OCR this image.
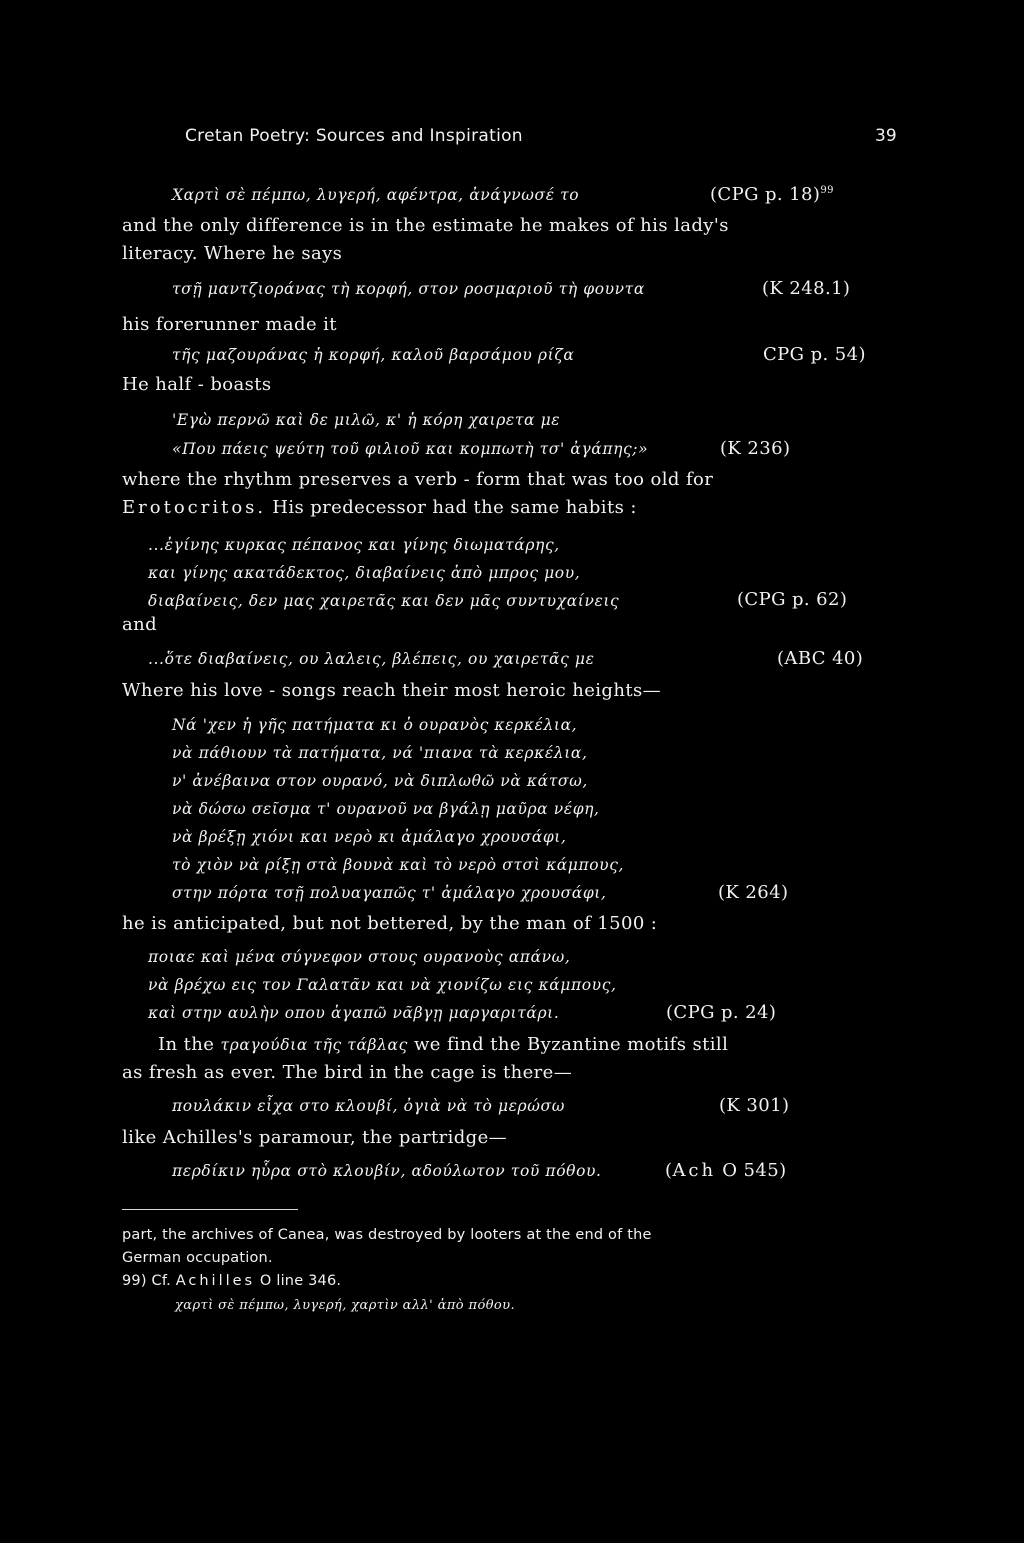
Cretan Poetry: Sources and Inspiration	39
Χαρτὶ σὲ πέμπω, λυγερή, αφέντρα, ἀνάγνωσέ το	(CPG p. 18)$^{99}$
and the only difference is in the estimate he makes of his lady's
literacy. Where he says
τσῇ μαντζιοράνας τὴ κορφή, στον ροσμαριοῦ τὴ φουντα	(K 248.1)
his forerunner made it
τῆς μαζουράνας ἡ κορφή, καλοῦ βαρσάμου ρίζα	CPG p. 54)
He half - boasts
'Εγὼ περνῶ καὶ δε μιλῶ, κ' ἡ κόρη χαιρετα με
«Που πάεις ψεύτη τοῦ φιλιοῦ και κομπωτὴ τσ' ἀγάπης;»	(K 236)
where the rhythm preserves a verb - form that was too old for
Erotocritos. His predecessor had the same habits :
...ἐγίνης κυρκας πέπανος και γίνης διωματάρης,
και γίνης ακατάδεκτος, διαβαίνεις ἀπὸ μπρος μου,
διαβαίνεις, δεν μας χαιρετᾶς και δεν μᾶς συντυχαίνεις	(CPG p. 62)
and
...ὅτε διαβαίνεις, ου λαλεις, βλέπεις, ου χαιρετᾶς με	(ABC 40)
Where his love - songs reach their most heroic heights—
Νά 'χεν ἡ γῆς πατήματα κι ὁ ουρανὸς κερκέλια,
νὰ πάθιουν τὰ πατήματα, νά 'πιανα τὰ κερκέλια,
ν' ἀνέβαινα στον ουρανό, νὰ διπλωθῶ νὰ κάτσω,
νὰ δώσω σεῖσμα τ' ουρανοῦ να βγάλῃ μαῦρα νέφη,
νὰ βρέξῃ χιόνι και νερὸ κι ἀμάλαγο χρουσάφι,
τὸ χιὸν νὰ ρίξῃ στὰ βουνὰ καὶ τὸ νερὸ στσὶ κάμπους,
στην πόρτα τσῇ πολυαγαπῶς τ' ἀμάλαγο χρουσάφι,	(K 264)
he is anticipated, but not bettered, by the man of 1500 :
ποιαε καὶ μένα σύγνεφον στους ουρανοὺς απάνω,
νὰ βρέχω εις τον Γαλατᾶν και νὰ χιονίζω εις κάμπους,
καὶ στην αυλὴν οπου ἀγαπῶ νᾶβγῃ μαργαριτάρι.	(CPG p. 24)
In the τραγούδια τῆς τάβλας we find the Byzantine motifs still
as fresh as ever. The bird in the cage is there—
πουλάκιν εἶχα στο κλουβί, ὀγιὰ νὰ τὸ μερώσω	(K 301)
like Achilles's paramour, the partridge—
περδίκιν ηὗρα στὸ κλουβίν, αδούλωτον τοῦ πόθου.	(Ach O 545)
part, the archives of Canea, was destroyed by looters at the end of the
German occupation.
99) Cf. Achilles O line 346.
χαρτὶ σὲ πέμπω, λυγερή, χαρτὶν αλλ' ἀπὸ πόθου.
